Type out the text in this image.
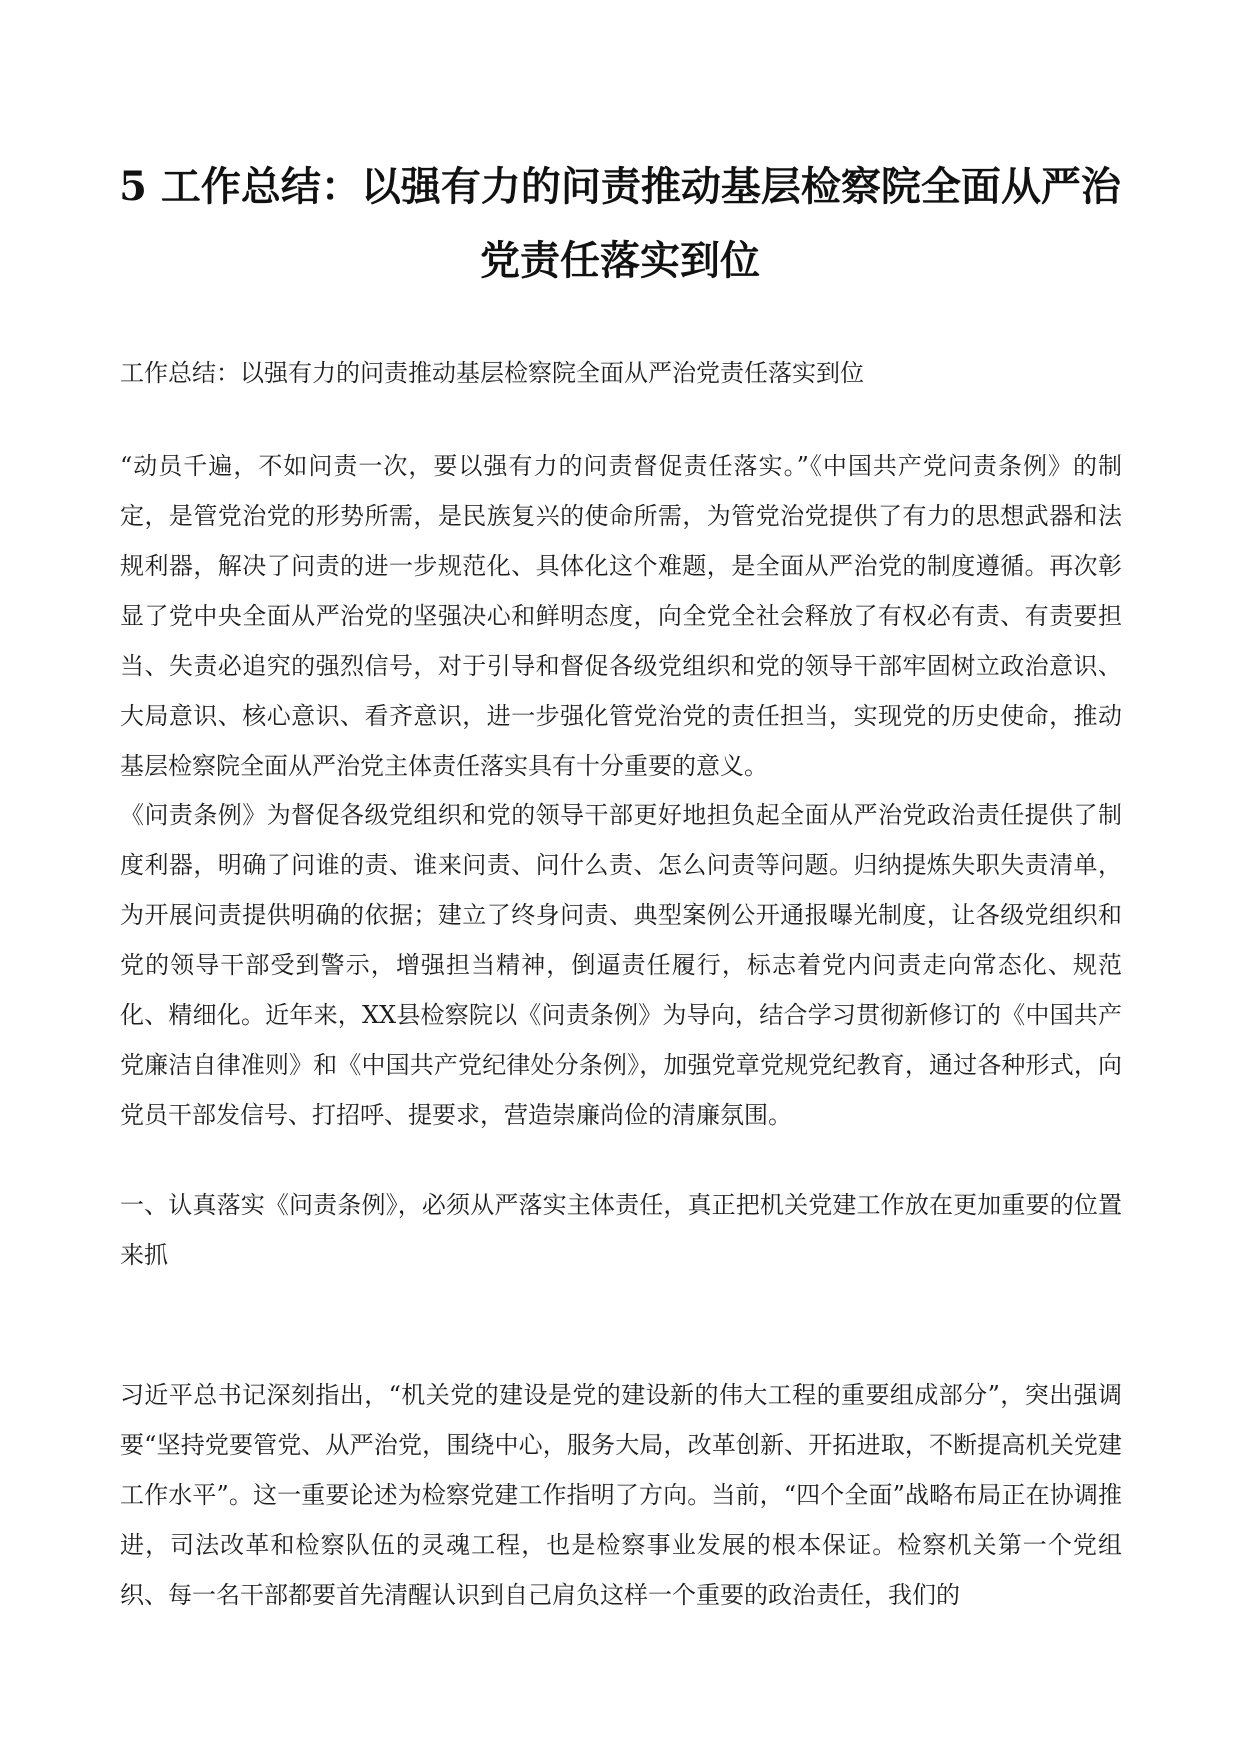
5 工作总结：以强有力的问责推动基层检察院全面从严治党责任落实到位

工作总结：以强有力的问责推动基层检察院全面从严治党责任落实到位

“动员千遍，不如问责一次，要以强有力的问责督促责任落实。”《中国共产党问责条例》的制定，是管党治党的形势所需，是民族复兴的使命所需，为管党治党提供了有力的思想武器和法规利器，解决了问责的进一步规范化、具体化这个难题，是全面从严治党的制度遵循。再次彰显了党中央全面从严治党的坚强决心和鲜明态度，向全党全社会释放了有权必有责、有责要担当、失责必追究的强烈信号，对于引导和督促各级党组织和党的领导干部牢固树立政治意识、大局意识、核心意识、看齐意识，进一步强化管党治党的责任担当，实现党的历史使命，推动基层检察院全面从严治党主体责任落实具有十分重要的意义。

《问责条例》为督促各级党组织和党的领导干部更好地担负起全面从严治党政治责任提供了制度利器，明确了问谁的责、谁来问责、问什么责、怎么问责等问题。归纳提炼失职失责清单，为开展问责提供明确的依据；建立了终身问责、典型案例公开通报曝光制度，让各级党组织和党的领导干部受到警示，增强担当精神，倒逼责任履行，标志着党内问责走向常态化、规范化、精细化。近年来，XX县检察院以《问责条例》为导向，结合学习贯彻新修订的《中国共产党廉洁自律准则》和《中国共产党纪律处分条例》，加强党章党规党纪教育，通过各种形式，向党员干部发信号、打招呼、提要求，营造崇廉尚俭的清廉氛围。

一、认真落实《问责条例》，必须从严落实主体责任，真正把机关党建工作放在更加重要的位置来抓

习近平总书记深刻指出，“机关党的建设是党的建设新的伟大工程的重要组成部分”，突出强调要“坚持党要管党、从严治党，围绕中心，服务大局，改革创新、开拓进取，不断提高机关党建工作水平”。这一重要论述为检察党建工作指明了方向。当前，“四个全面”战略布局正在协调推进，司法改革和检察队伍的灵魂工程，也是检察事业发展的根本保证。检察机关第一个党组织、每一名干部都要首先清醒认识到自己肩负这样一个重要的政治责任，我们的
